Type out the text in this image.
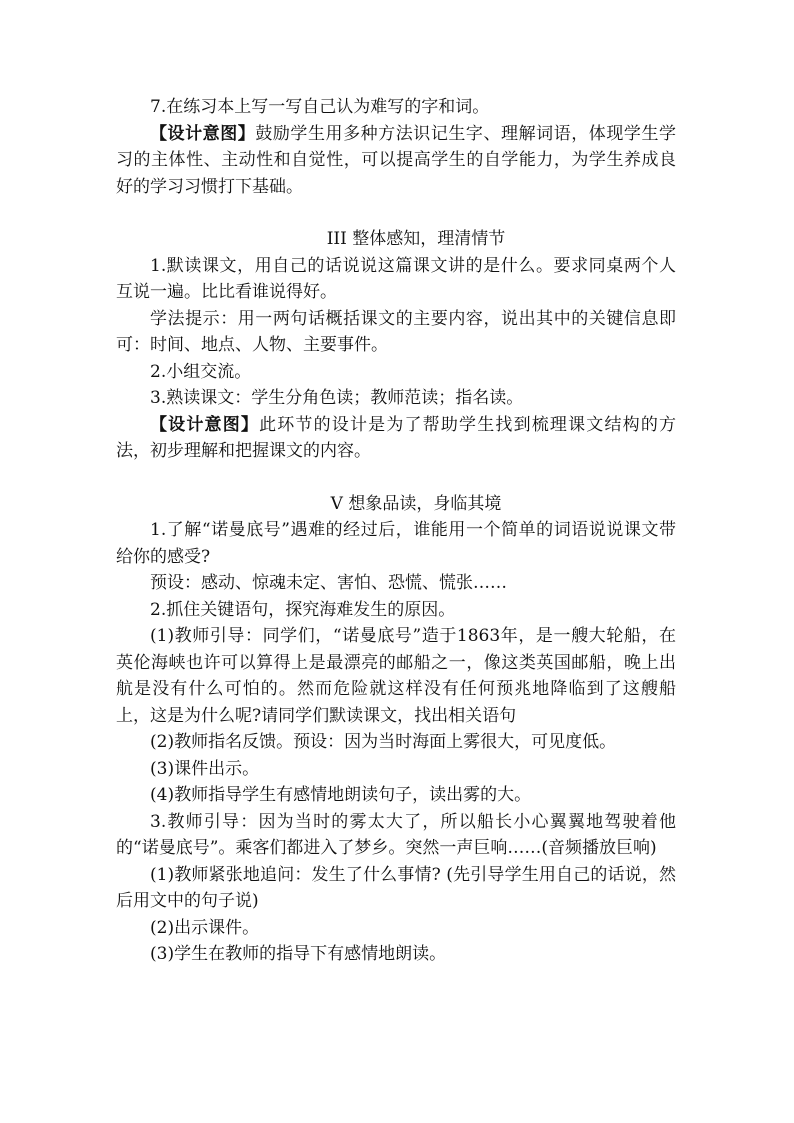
7.在练习本上写一写自己认为难写的字和词。

【设计意图】鼓励学生用多种方法识记生字、理解词语，体现学生学习的主体性、主动性和自觉性，可以提高学生的自学能力，为学生养成良好的学习习惯打下基础。

III 整体感知，理清情节

1.默读课文，用自己的话说说这篇课文讲的是什么。要求同桌两个人互说一遍。比比看谁说得好。

学法提示：用一两句话概括课文的主要内容，说出其中的关键信息即可：时间、地点、人物、主要事件。

2.小组交流。

3.熟读课文：学生分角色读；教师范读；指名读。

【设计意图】此环节的设计是为了帮助学生找到梳理课文结构的方法，初步理解和把握课文的内容。

V 想象品读，身临其境

1.了解“诺曼底号”遇难的经过后，谁能用一个简单的词语说说课文带给你的感受?

预设：感动、惊魂未定、害怕、恐慌、慌张……

2.抓住关键语句，探究海难发生的原因。

(1)教师引导：同学们，“诺曼底号”造于1863年，是一艘大轮船，在英伦海峡也许可以算得上是最漂亮的邮船之一，像这类英国邮船，晚上出航是没有什么可怕的。然而危险就这样没有任何预兆地降临到了这艘船上，这是为什么呢?请同学们默读课文，找出相关语句

(2)教师指名反馈。预设：因为当时海面上雾很大，可见度低。

(3)课件出示。

(4)教师指导学生有感情地朗读句子，读出雾的大。

3.教师引导：因为当时的雾太大了，所以船长小心翼翼地驾驶着他的“诺曼底号”。乘客们都进入了梦乡。突然一声巨响……(音频播放巨响)

(1)教师紧张地追问：发生了什么事情? (先引导学生用自己的话说，然后用文中的句子说)

(2)出示课件。

(3)学生在教师的指导下有感情地朗读。
